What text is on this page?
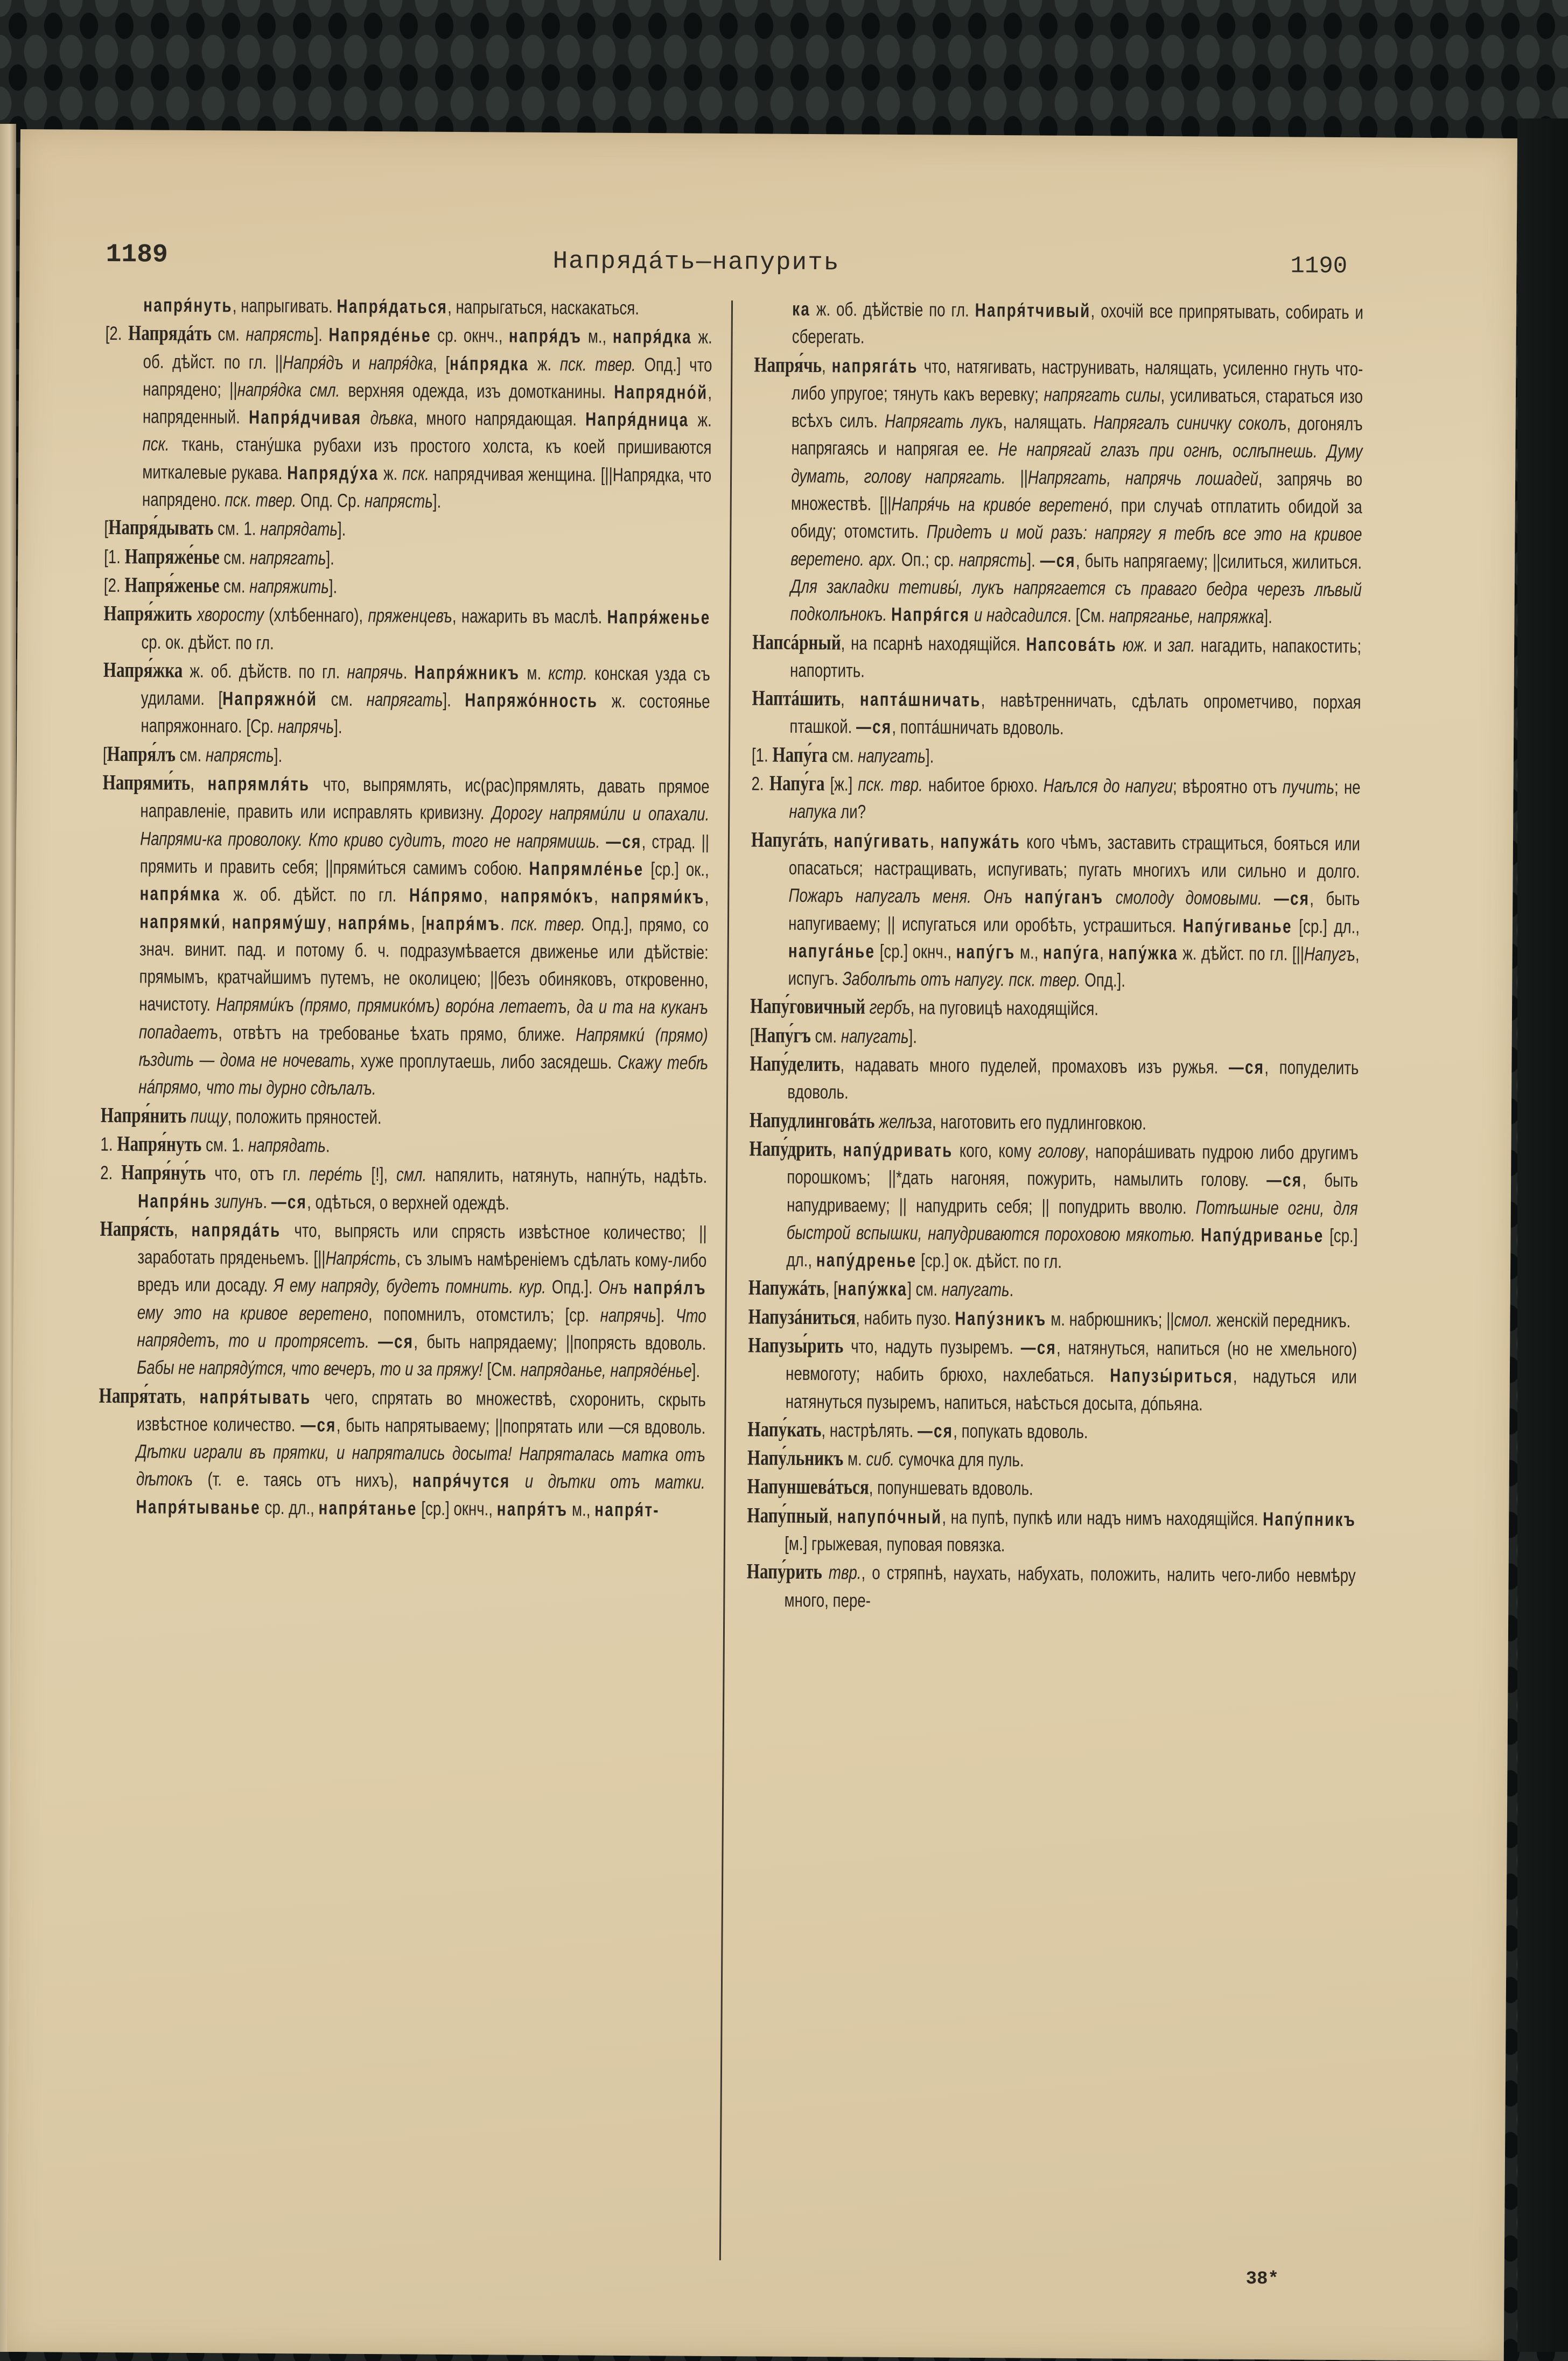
1189	Напрядáть—напурить	1190
напря́нуть, напрыгивать. Напря́даться, напрыгаться, наскакаться.
[2. Напрядáть см. напрясть]. Напряде́нье ср. окнч., напря́дъ м., напря́дка ж. об. дѣйст. по гл. ||Напря́дъ и напря́дка, [нáпрядка ж. пск. твер. Опд.] что напрядено; ||напря́дка смл. верхняя одежда, изъ домотканины. Напрядно́й, напряденный. Напря́дчивая дѣвка, много напрядающая. Напря́дница ж. пск. ткань, стану́шка рубахи изъ простого холста, къ коей пришиваются миткалевые рукава. Напряду́ха ж. пск. напрядчивая женщина. [||Напрядка, что напрядено. пск. твер. Опд. Ср. напрясть].
[Напря́дывать см. 1. напрядать].
[1. Напряже́нье см. напрягать].
[2. Напря́женье см. напряжить].
Напря́жить хворосту (хлѣбеннаго), пряженцевъ, нажарить въ маслѣ. Напря́женье ср. ок. дѣйст. по гл.
Напря́жка ж. об. дѣйств. по гл. напрячь. Напря́жникъ м. кстр. конская узда съ удилами. [Напряжно́й см. напрягать]. Напряжо́нность ж. состоянье напряжоннаго. [Ср. напрячь].
[Напря́лъ см. напрясть].
Напрями́ть, напрямля́ть что, выпрямлять, ис(рас)прямлять, давать прямое направленіе, править или исправлять кривизну. Дорогу напрями́ли и опахали. Напрями-ка проволоку. Кто криво судитъ, того не напрямишь. —ся, страд. || прямить и править себя; ||прями́ться самимъ собою. Напрямле́нье [ср.] ок., напря́мка ж. об. дѣйст. по гл. Нáпрямо, напрямо́къ, напрями́къ, напрямки́, напряму́шу, напря́мь, [напря́мъ. пск. твер. Опд.], прямо, со знач. винит. пад. и потому б. ч. подразумѣвается движенье или дѣйствіе: прямымъ, кратчайшимъ путемъ, не околицею; ||безъ обиняковъ, откровенно, начистоту. Напрями́къ (прямо, прямико́мъ) воро́на летаетъ, да и та на куканъ попадаетъ, отвѣтъ на требованье ѣхать прямо, ближе. Напрямки́ (прямо) ѣздить — дома не ночевать, хуже проплутаешь, либо засядешь. Скажу тебѣ нáпрямо, что ты дурно сдѣлалъ.
Напря́нить пищу, положить пряностей.
1. Напря́нуть см. 1. напрядать.
2. Напря́ну́ть что, отъ гл. пере́ть [!], смл. напялить, натянуть, напну́ть, надѣть. Напря́нь зипунъ. —ся, одѣться, о верхней одеждѣ.
Напря́сть, напрядáть что, выпрясть или спрясть извѣстное количество; ||заработать пряденьемъ. [||Напря́сть, съ злымъ намѣреніемъ сдѣлать кому-либо вредъ или досаду. Я ему напряду, будетъ помнить. кур. Опд.]. Онъ напря́лъ ему это на кривое веретено, попомнилъ, отомстилъ; [ср. напрячь]. Что напрядетъ, то и протрясетъ. —ся, быть напрядаему; ||попрясть вдоволь. Бабы не напряду́тся, что вечеръ, то и за пряжу! [См. напряданье, напряде́нье].
Напря́тать, напря́тывать чего, спрятать во множествѣ, схоронить, скрыть извѣстное количество. —ся, быть напрятываему; ||попрятать или —ся вдоволь. Дѣтки играли въ прятки, и напрятались досыта! Напряталась матка отъ дѣтокъ (т. е. таясь отъ нихъ), напря́чутся и дѣтки отъ матки. Напря́тыванье ср. дл., напря́танье [ср.] окнч., напря́тъ м., напря́т-
ка ж. об. дѣйствіе по гл. Напря́тчивый, охочій все припрятывать, собирать и сберегать.
Напря́чь, напрягáть что, натягивать, наструнивать, налящать, усиленно гнуть что-либо упругое; тянуть какъ веревку; напрягать силы, усиливаться, стараться изо всѣхъ силъ. Напрягать лукъ, налящать. Напрягалъ синичку соколъ, догонялъ напрягаясь и напрягая ее. Не напрягай глазъ при огнѣ, ослѣпнешь. Думу думать, голову напрягать. ||Напрягать, напрячь лошадей, запрячь во множествѣ. [||Напря́чь на криво́е веретено́, при случаѣ отплатить обидой за обиду; отомстить. Придетъ и мой разъ: напрягу я тебѣ все это на кривое веретено. арх. Оп.; ср. напрясть]. —ся, быть напрягаему; ||силиться, жилиться. Для закладки тетивы́, лукъ напрягается съ праваго бедра черезъ лѣвый подколѣнокъ. Напря́гся и надсадился. [См. напряганье, напряжка].
Напсáрный, на псарнѣ находящійся. Напсовáть юж. и зап. нагадить, напакостить; напортить.
Наптáшить, наптáшничать, навѣтренничать, сдѣлать опрометчиво, порхая пташкой. —ся, поптáшничать вдоволь.
[1. Напу́га см. напугать].
2. Напу́га [ж.] пск. твр. набитое брюхо. Наѣлся до напуги; вѣроятно отъ пучить; не напука ли?
Напугáть, напу́гивать, напужáть кого чѣмъ, заставить стращиться, бояться или опасаться; настращивать, испугивать; пугать многихъ или сильно и долго. Пожаръ напугалъ меня. Онъ напу́ганъ смолоду домовыми. —ся, быть напугиваему; || испугаться или оробѣть, устрашиться. Напу́гиванье [ср.] дл., напугáнье [ср.] окнч., напу́гъ м., напу́га, напу́жка ж. дѣйст. по гл. [||Напугъ, испугъ. Заболѣть отъ напугу. пск. твер. Опд.].
Напу́говичный гербъ, на пуговицѣ находящійся.
[Напу́гъ см. напугать].
Напу́делить, надавать много пуделей, промаховъ изъ ружья. —ся, попуделить вдоволь.
Напудлинговáть желѣза, наготовить его пудлинговкою.
Напу́дрить, напу́дривать кого, кому голову, напорáшивать пудрою либо другимъ порошкомъ; ||*дать нагоняя, пожурить, намылить голову. —ся, быть напудриваему; || напудрить себя; || попудрить вволю. Потѣшные огни, для быстрой вспышки, напудриваются пороховою мякотью. Напу́дриванье [ср.] дл., напу́дренье [ср.] ок. дѣйст. по гл.
Напужáть, [напу́жка] см. напугать.
Напузáниться, набить пузо. Напу́зникъ м. набрюшникъ; ||смол. женскій передникъ.
Напузы́рить что, надуть пузыремъ. —ся, натянуться, напиться (но не хмельного) невмоготу; набить брюхо, нахлебаться. Напузы́риться, надуться или натянуться пузыремъ, напиться, наѣсться досыта, дóпьяна.
Напу́кать, настрѣлять. —ся, попукать вдоволь.
Напу́льникъ м. сиб. сумочка для пуль.
Напуншевáться, попуншевать вдоволь.
Напу́пный, напупо́чный, на пупѣ, пупкѣ или надъ нимъ находящійся. Напу́пникъ [м.] грыжевая, пуповая повязка.
Напу́рить твр., о стряпнѣ, наухать, набухать, положить, налить чего-либо невмѣру много, пере-
38*
